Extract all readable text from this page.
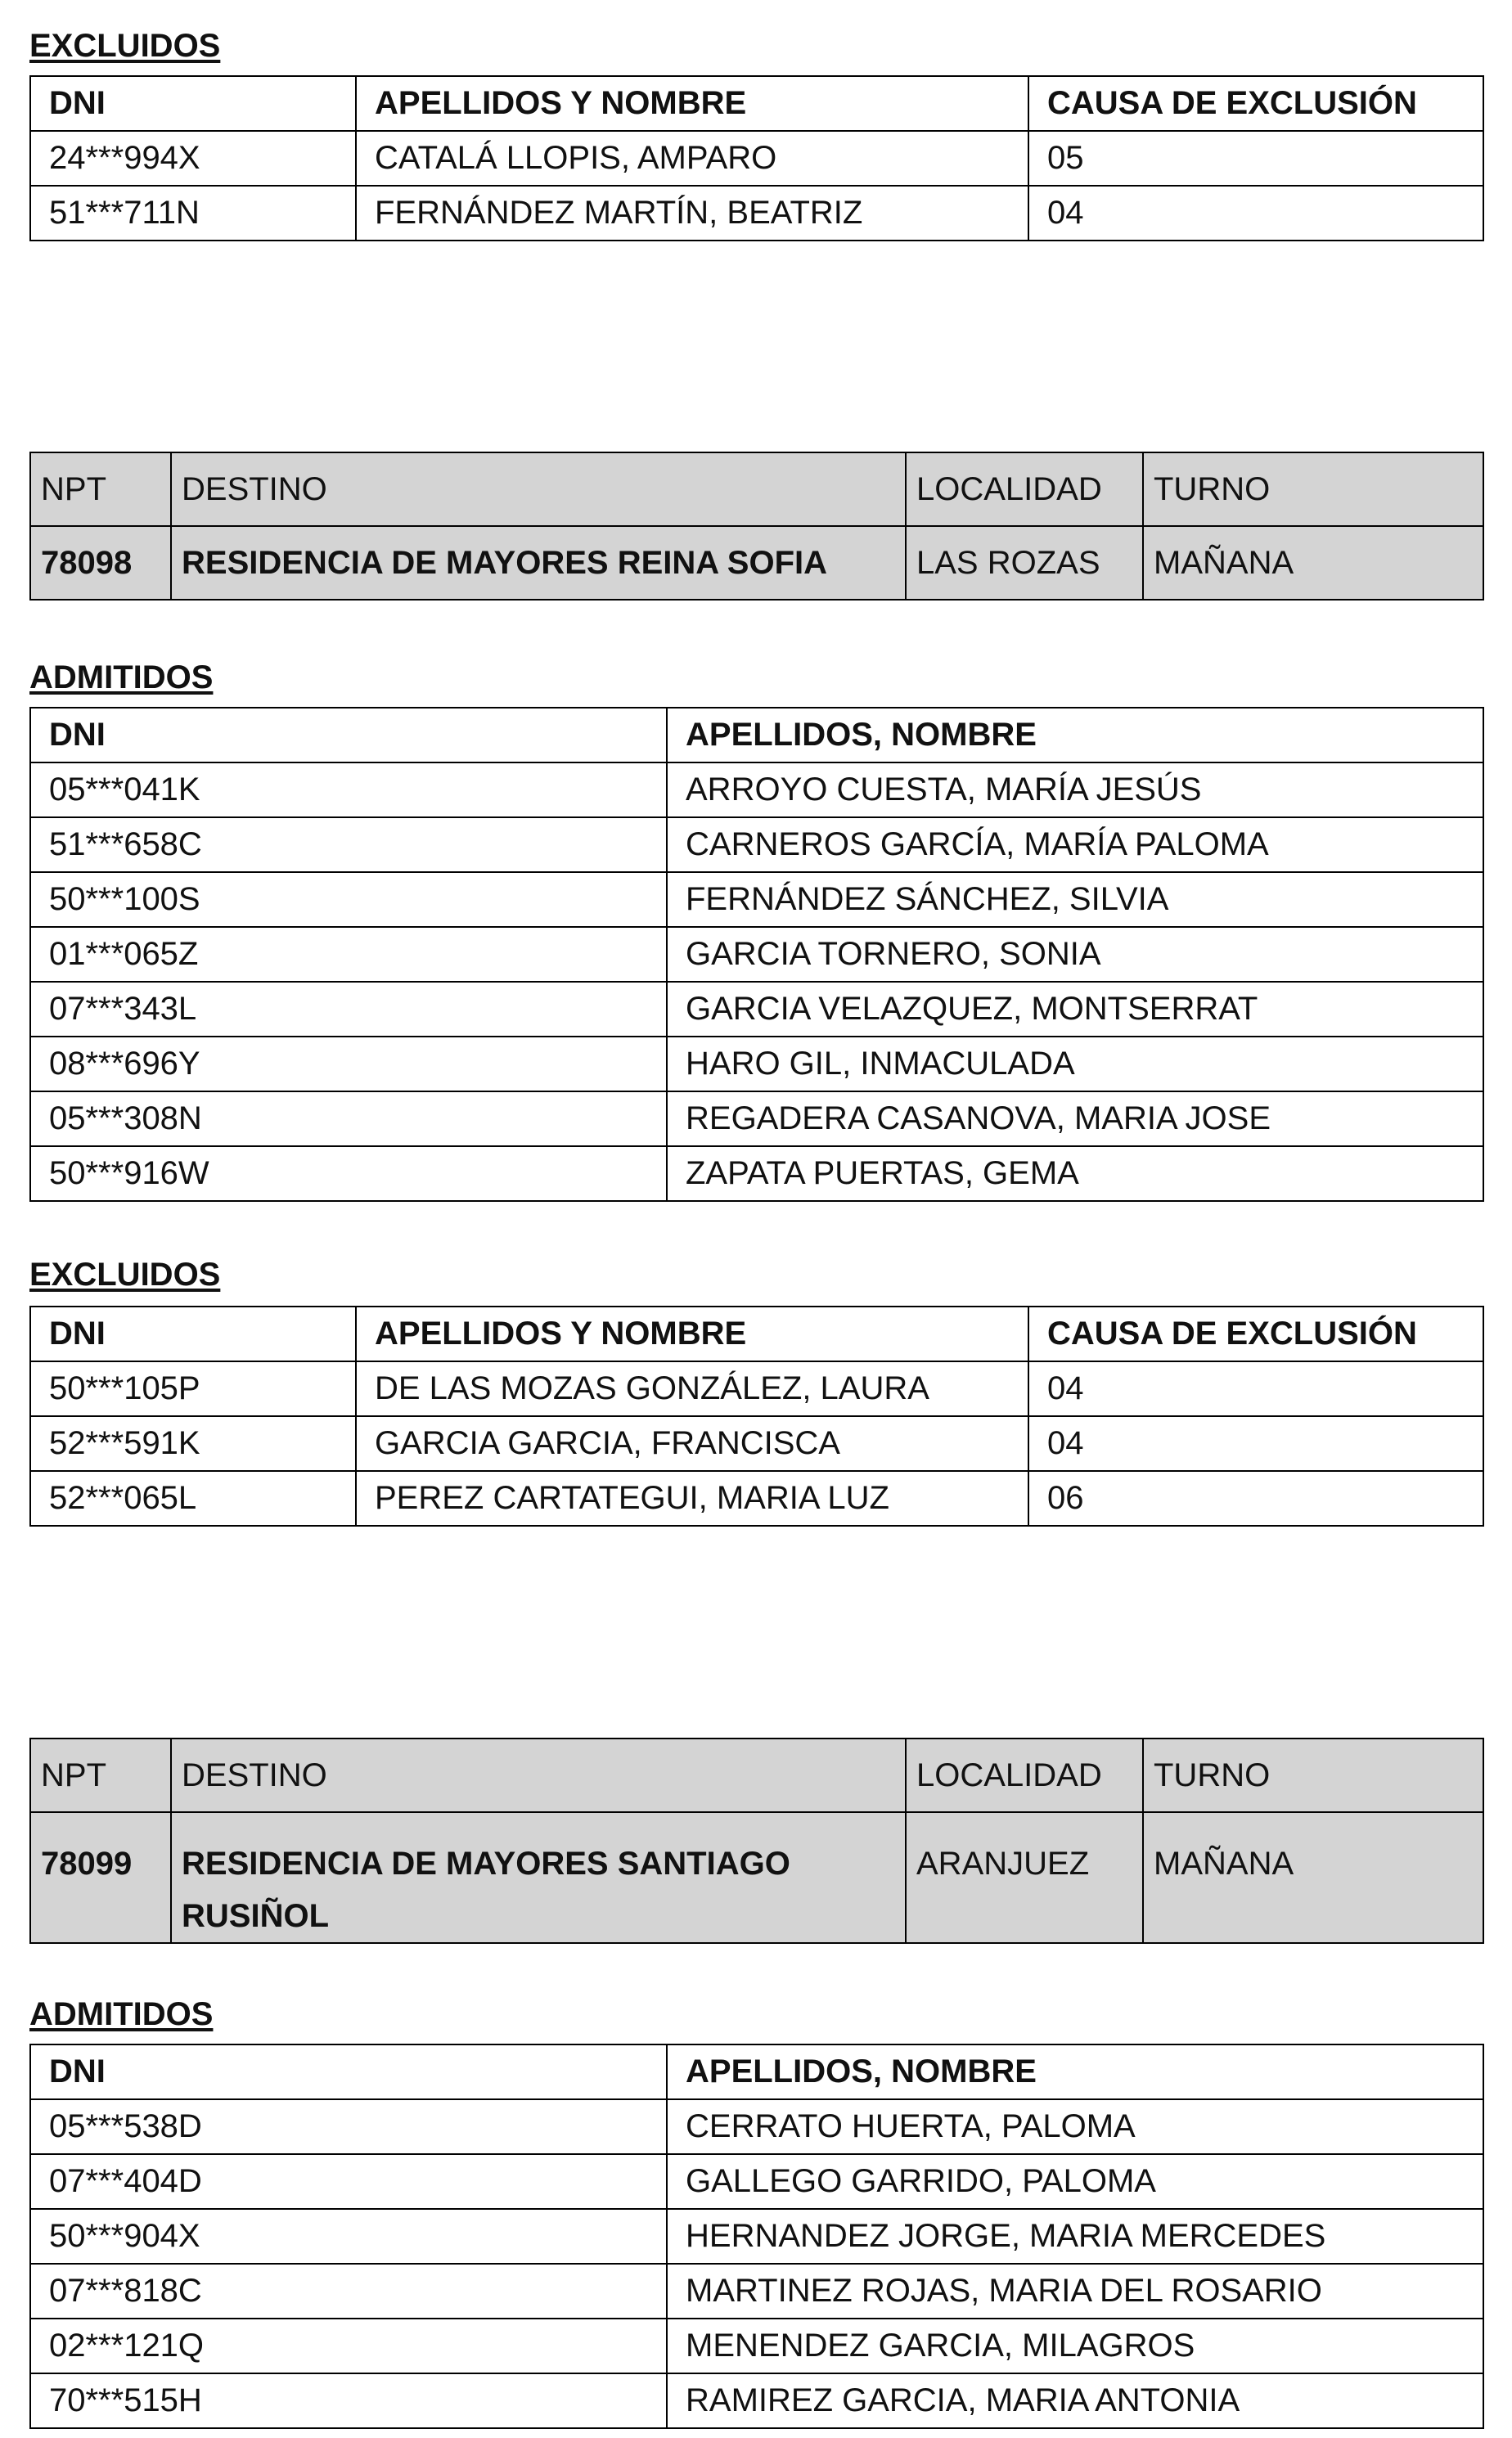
EXCLUIDOS
DNI	APELLIDOS Y NOMBRE	CAUSA DE EXCLUSIÓN
24***994X	CATALÁ LLOPIS, AMPARO	05
51***711N	FERNÁNDEZ MARTÍN, BEATRIZ	04
NPT	DESTINO	LOCALIDAD	TURNO
78098	RESIDENCIA DE MAYORES REINA SOFIA	LAS ROZAS	MAÑANA
ADMITIDOS
DNI	APELLIDOS, NOMBRE
05***041K	ARROYO CUESTA, MARÍA JESÚS
51***658C	CARNEROS GARCÍA, MARÍA PALOMA
50***100S	FERNÁNDEZ SÁNCHEZ, SILVIA
01***065Z	GARCIA TORNERO, SONIA
07***343L	GARCIA VELAZQUEZ, MONTSERRAT
08***696Y	HARO GIL, INMACULADA
05***308N	REGADERA CASANOVA, MARIA JOSE
50***916W	ZAPATA PUERTAS, GEMA
EXCLUIDOS
DNI	APELLIDOS Y NOMBRE	CAUSA DE EXCLUSIÓN
50***105P	DE LAS MOZAS GONZÁLEZ, LAURA	04
52***591K	GARCIA GARCIA, FRANCISCA	04
52***065L	PEREZ CARTATEGUI, MARIA LUZ	06
NPT	DESTINO	LOCALIDAD	TURNO
78099	RESIDENCIA DE MAYORES SANTIAGO RUSIÑOL	ARANJUEZ	MAÑANA
ADMITIDOS
DNI	APELLIDOS, NOMBRE
05***538D	CERRATO HUERTA, PALOMA
07***404D	GALLEGO GARRIDO, PALOMA
50***904X	HERNANDEZ JORGE, MARIA MERCEDES
07***818C	MARTINEZ ROJAS, MARIA DEL ROSARIO
02***121Q	MENENDEZ GARCIA, MILAGROS
70***515H	RAMIREZ GARCIA, MARIA ANTONIA
